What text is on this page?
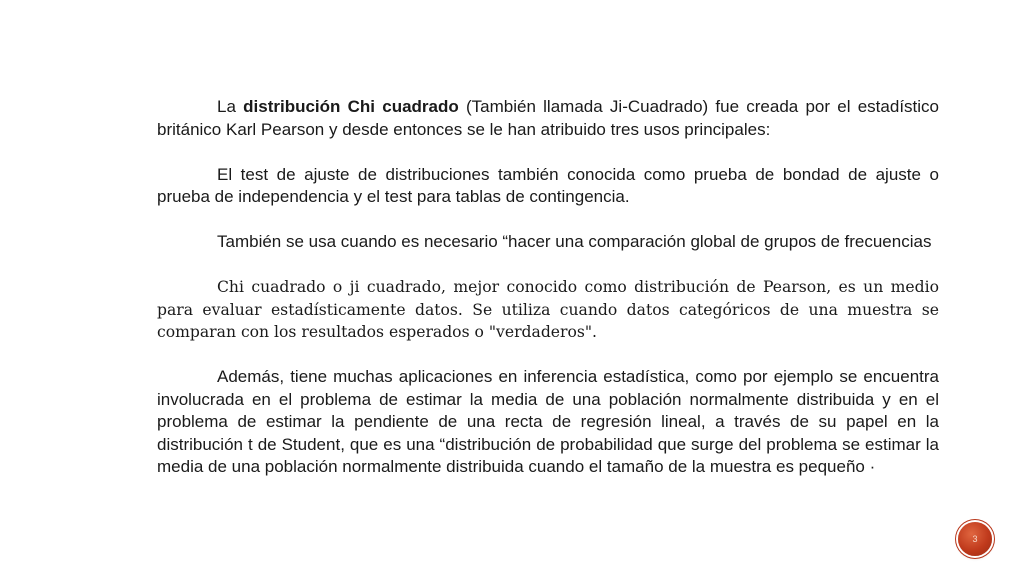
La distribución Chi cuadrado (También llamada Ji-Cuadrado) fue creada por el estadístico británico Karl Pearson y desde entonces se le han atribuido tres usos principales:

El test de ajuste de distribuciones también conocida como prueba de bondad de ajuste o prueba de independencia y el test para tablas de contingencia.

También se usa cuando es necesario “hacer una comparación global de grupos de frecuencias

Chi cuadrado o ji cuadrado, mejor conocido como distribución de Pearson, es un medio para evaluar estadísticamente datos. Se utiliza cuando datos categóricos de una muestra se comparan con los resultados esperados o "verdaderos".

Además, tiene muchas aplicaciones en inferencia estadística, como por ejemplo se encuentra involucrada en el problema de estimar la media de una población normalmente distribuida y en el problema de estimar la pendiente de una recta de regresión lineal, a través de su papel en la distribución t de Student, que es una “distribución de probabilidad que surge del problema se estimar la media de una población normalmente distribuida cuando el tamaño de la muestra es pequeño ·

3
